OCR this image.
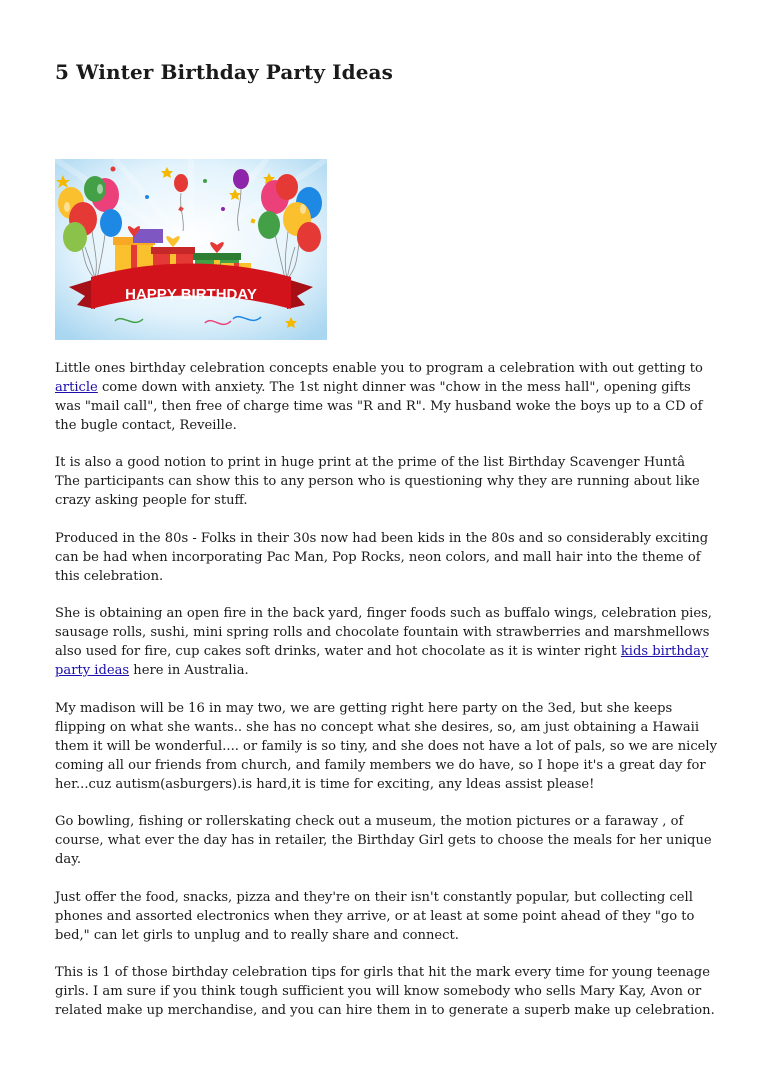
5 Winter Birthday Party Ideas
HAPPY BIRTHDAY

Little ones birthday celebration concepts enable you to program a celebration with out getting to article come down with anxiety. The 1st night dinner was "chow in the mess hall", opening gifts was "mail call", then free of charge time was "R and R". My husband woke the boys up to a CD of the bugle contact, Reveille.

It is also a good notion to print in huge print at the prime of the list Birthday Scavenger Huntâ The participants can show this to any person who is questioning why they are running about like crazy asking people for stuff.

Produced in the 80s - Folks in their 30s now had been kids in the 80s and so considerably exciting can be had when incorporating Pac Man, Pop Rocks, neon colors, and mall hair into the theme of this celebration.

She is obtaining an open fire in the back yard, finger foods such as buffalo wings, celebration pies, sausage rolls, sushi, mini spring rolls and chocolate fountain with strawberries and marshmellows also used for fire, cup cakes soft drinks, water and hot chocolate as it is winter right kids birthday party ideas here in Australia.

My madison will be 16 in may two, we are getting right here party on the 3ed, but she keeps flipping on what she wants.. she has no concept what she desires, so, am just obtaining a Hawaii them it will be wonderful.... or family is so tiny, and she does not have a lot of pals, so we are nicely coming all our friends from church, and family members we do have, so I hope it's a great day for her...cuz autism(asburgers).is hard,it is time for exciting, any ldeas assist please!

Go bowling, fishing or rollerskating check out a museum, the motion pictures or a faraway , of course, what ever the day has in retailer, the Birthday Girl gets to choose the meals for her unique day.

Just offer the food, snacks, pizza and they're on their isn't constantly popular, but collecting cell phones and assorted electronics when they arrive, or at least at some point ahead of they "go to bed," can let girls to unplug and to really share and connect.

This is 1 of those birthday celebration tips for girls that hit the mark every time for young teenage girls. I am sure if you think tough sufficient you will know somebody who sells Mary Kay, Avon or related make up merchandise, and you can hire them in to generate a superb make up celebration.
